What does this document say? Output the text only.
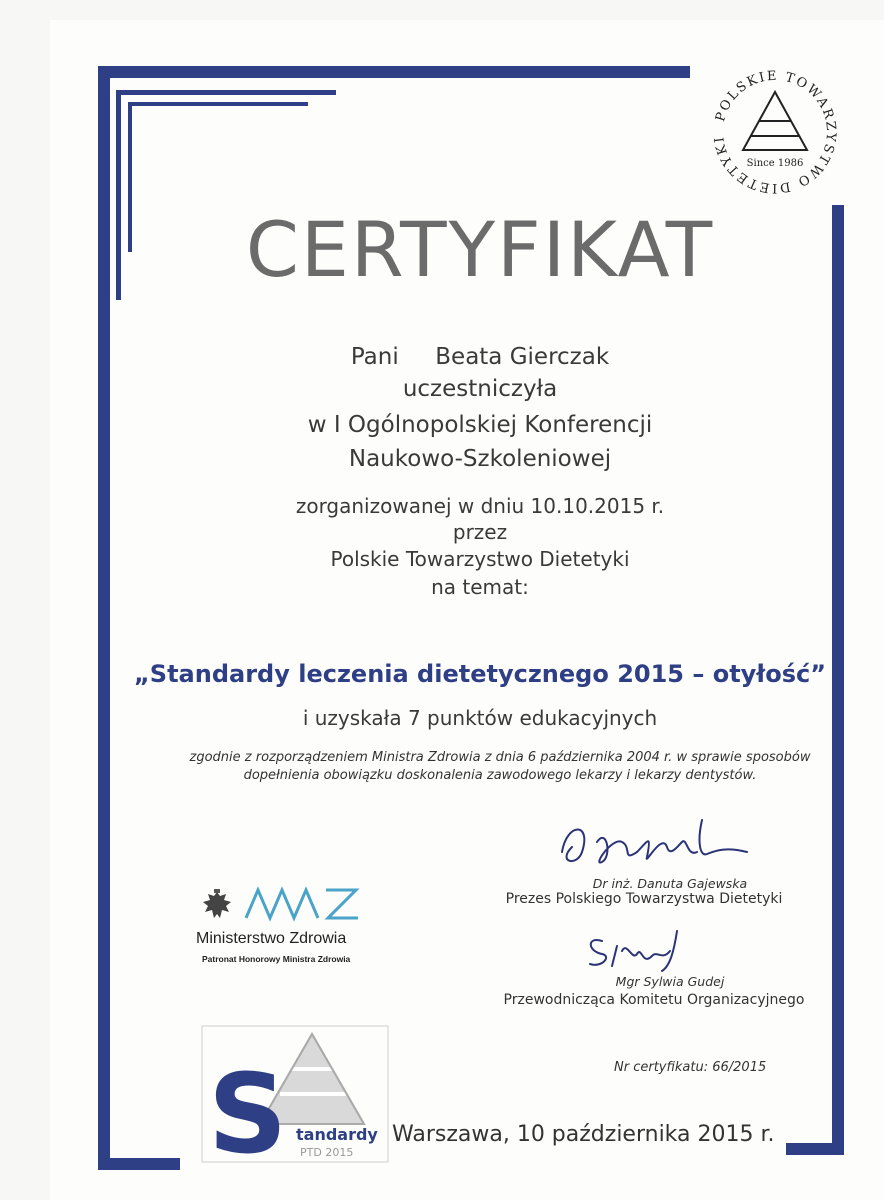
POLSKIE TOWARZYSTWO DIETETYKI
Since 1986
CERTYFIKAT
Pani     Beata Gierczak
uczestniczyła
w I Ogólnopolskiej Konferencji
Naukowo-Szkoleniowej
zorganizowanej w dniu 10.10.2015 r.
przez
Polskie Towarzystwo Dietetyki
na temat:
„Standardy leczenia dietetycznego 2015 – otyłość”
i uzyskała 7 punktów edukacyjnych
zgodnie z rozporządzeniem Ministra Zdrowia z dnia 6 października 2004 r. w sprawie sposobów
dopełnienia obowiązku doskonalenia zawodowego lekarzy i lekarzy dentystów.
Dr inż. Danuta Gajewska
Prezes Polskiego Towarzystwa Dietetyki
Mgr Sylwia Gudej
Przewodnicząca Komitetu Organizacyjnego
Ministerstwo Zdrowia
Patronat Honorowy Ministra Zdrowia
S tandardy
PTD 2015
Nr certyfikatu: 66/2015
Warszawa, 10 października 2015 r.
